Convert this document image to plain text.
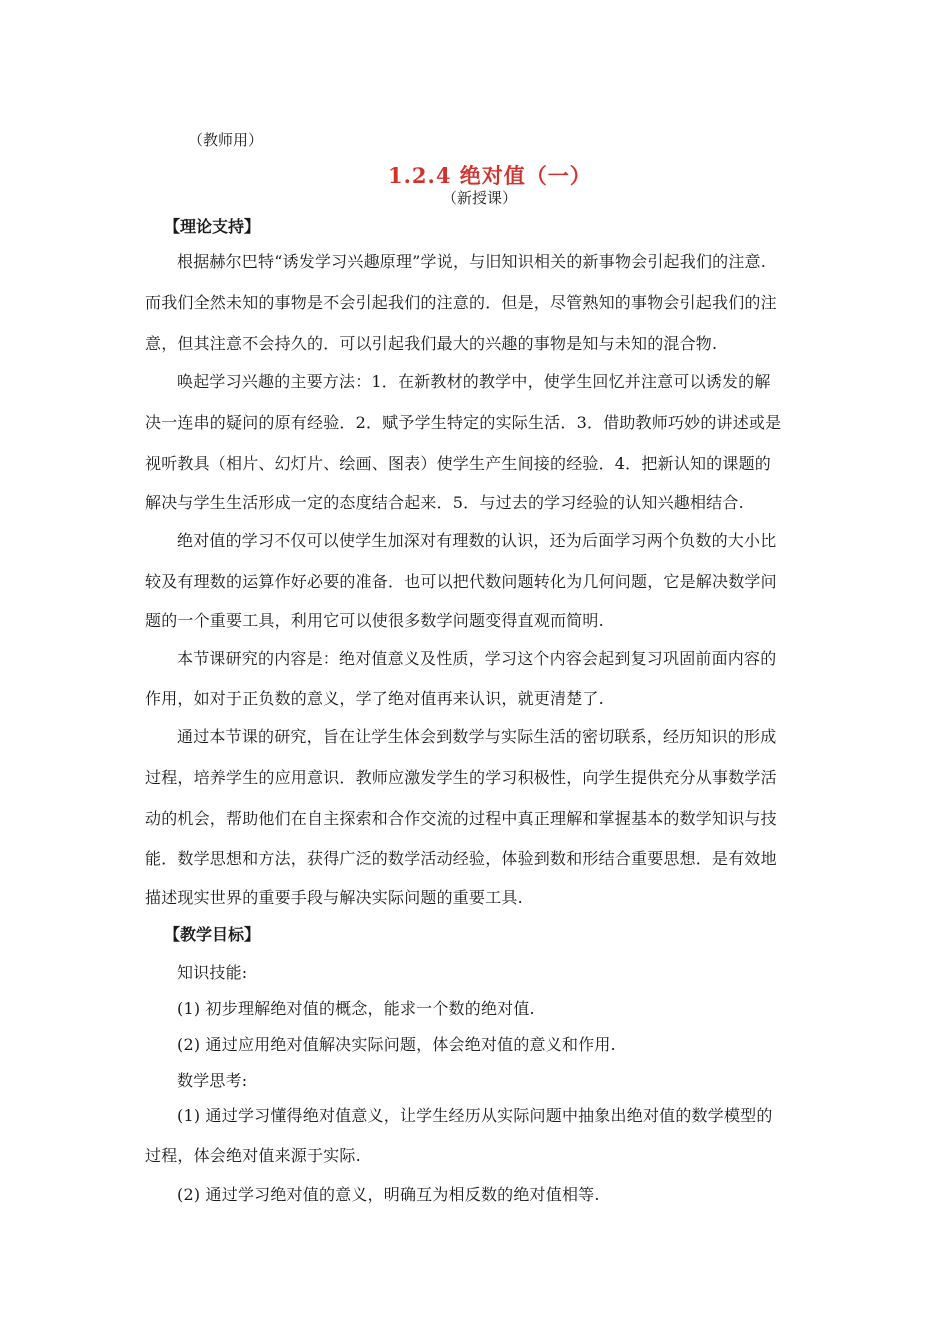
（教师用）
1.2.4 绝对值（一）
（新授课）
【理论支持】
根据赫尔巴特“诱发学习兴趣原理”学说，与旧知识相关的新事物会引起我们的注意.
而我们全然未知的事物是不会引起我们的注意的．但是，尽管熟知的事物会引起我们的注
意，但其注意不会持久的．可以引起我们最大的兴趣的事物是知与未知的混合物.
唤起学习兴趣的主要方法：1．在新教材的教学中，使学生回忆并注意可以诱发的解
决一连串的疑问的原有经验．2．赋予学生特定的实际生活．3．借助教师巧妙的讲述或是
视听教具（相片、幻灯片、绘画、图表）使学生产生间接的经验．4．把新认知的课题的
解决与学生生活形成一定的态度结合起来．5．与过去的学习经验的认知兴趣相结合.
绝对值的学习不仅可以使学生加深对有理数的认识，还为后面学习两个负数的大小比
较及有理数的运算作好必要的准备．也可以把代数问题转化为几何问题，它是解决数学问
题的一个重要工具，利用它可以使很多数学问题变得直观而简明.
本节课研究的内容是：绝对值意义及性质，学习这个内容会起到复习巩固前面内容的
作用，如对于正负数的意义，学了绝对值再来认识，就更清楚了.
通过本节课的研究，旨在让学生体会到数学与实际生活的密切联系，经历知识的形成
过程，培养学生的应用意识．教师应激发学生的学习积极性，向学生提供充分从事数学活
动的机会，帮助他们在自主探索和合作交流的过程中真正理解和掌握基本的数学知识与技
能．数学思想和方法，获得广泛的数学活动经验，体验到数和形结合重要思想．是有效地
描述现实世界的重要手段与解决实际问题的重要工具.
【教学目标】
知识技能:
(1) 初步理解绝对值的概念，能求一个数的绝对值.
(2) 通过应用绝对值解决实际问题，体会绝对值的意义和作用.
数学思考:
(1) 通过学习懂得绝对值意义，让学生经历从实际问题中抽象出绝对值的数学模型的
过程，体会绝对值来源于实际.
(2) 通过学习绝对值的意义，明确互为相反数的绝对值相等.
